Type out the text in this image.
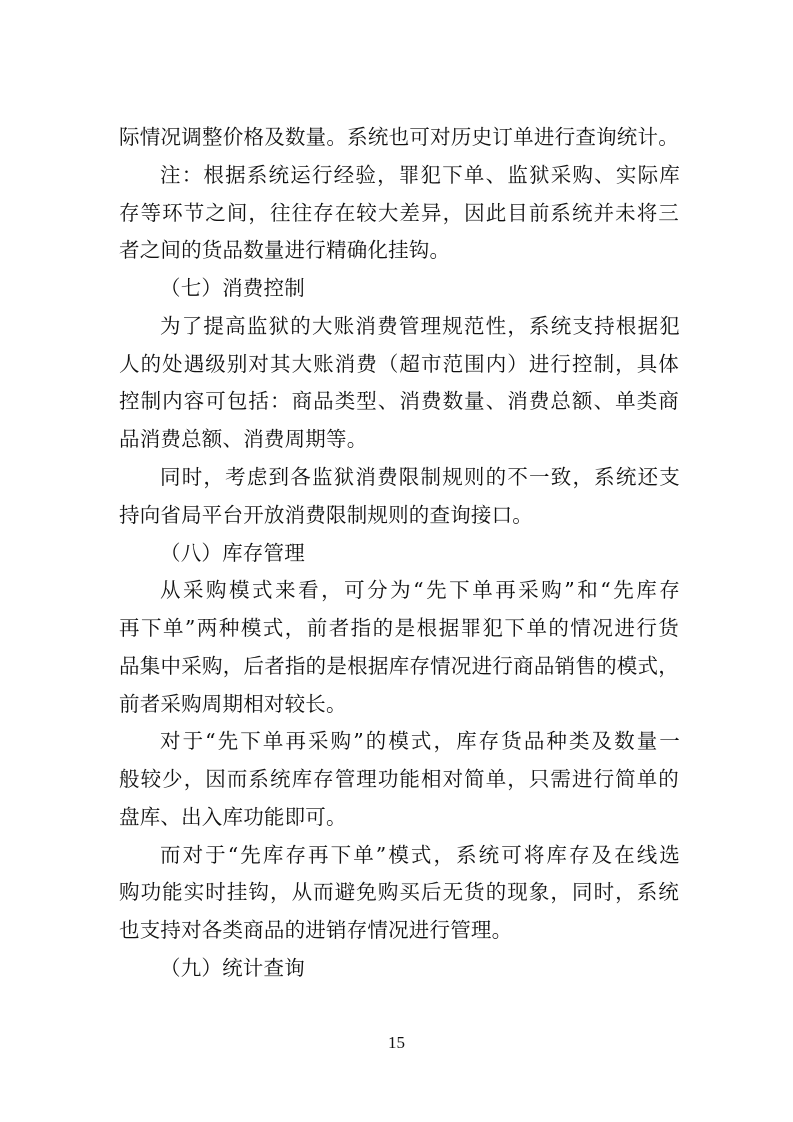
际情况调整价格及数量。系统也可对历史订单进行查询统计。
注：根据系统运行经验，罪犯下单、监狱采购、实际库
存等环节之间，往往存在较大差异，因此目前系统并未将三
者之间的货品数量进行精确化挂钩。
（七）消费控制
为了提高监狱的大账消费管理规范性，系统支持根据犯
人的处遇级别对其大账消费（超市范围内）进行控制，具体
控制内容可包括：商品类型、消费数量、消费总额、单类商
品消费总额、消费周期等。
同时，考虑到各监狱消费限制规则的不一致，系统还支
持向省局平台开放消费限制规则的查询接口。
（八）库存管理
从采购模式来看，可分为“先下单再采购”和“先库存
再下单”两种模式，前者指的是根据罪犯下单的情况进行货
品集中采购，后者指的是根据库存情况进行商品销售的模式，
前者采购周期相对较长。
对于“先下单再采购”的模式，库存货品种类及数量一
般较少，因而系统库存管理功能相对简单，只需进行简单的
盘库、出入库功能即可。
而对于“先库存再下单”模式，系统可将库存及在线选
购功能实时挂钩，从而避免购买后无货的现象，同时，系统
也支持对各类商品的进销存情况进行管理。
（九）统计查询
15
